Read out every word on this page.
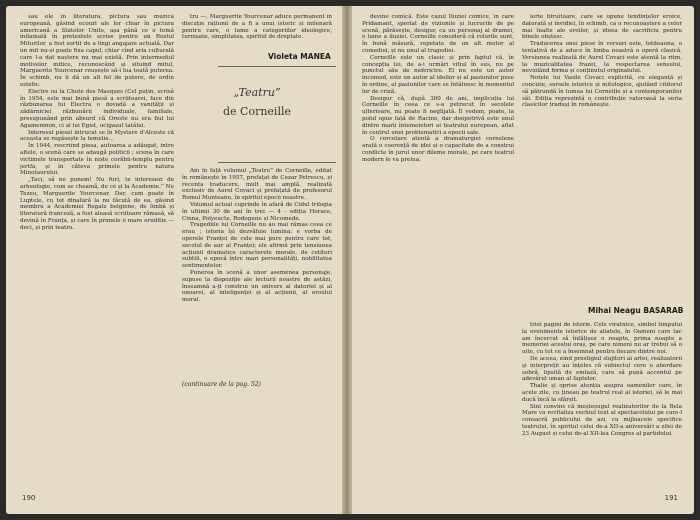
sau ele în literatura, pictura sau muzica europeană, găsind ecouri ale lor chiar în pictura americană a Statelor Unite, așa până ce o temă inflamată în pretextele scrise pentru un Rostul Miturilor, a fost sortit de a lingi angajare actuală. Dar un mit nu-și poate fixa capul, chiar cînd aria culturală care l-a dat naștere nu mai există. Prin intermediul motivelor mitice, recunoscând și situind mitul, Marguerite Yourcenar reușește să-i lua toată puterea. În schimb, nu îi dă un alt fel de putere, de ordin estetic.

Electre ou la Chute des Masques (Cel puțin, scrisă în 1954, este mai bună piesă a scriitoarei, face din răzbunarea lui Electra o dovadă a vanității și zădărniciei răzbunării individuale, familiale, presupunând prin absurd că Oreste nu era fiul lui Agamemnon, ci al lui Egist, ucigașul tatălui.

Interesul piesei intrucat se în Mystere d'Alceste că aceasta se regăsește la temelie...

În 1944, rescriind piesa, autoarea a adăugat, intre altele, o scenă care se adaugă politicii ; scena în care victimele transportate în niște corăbii-templu pentru jertfa, și în câteva primele pentru natura Minotaurului.

„Taci, să ne punem! Nu furi, te interesezi de arheologie, cum se cheamă, de ce și la Academie.” Nu Tezeu, Marguerite Yourcenar. Dar, cum poate în Luptele, cu tot dinafară la nu făcută de ea, găsind membru a Academiei Regale belgiene, de limbă și literatură franceză, a fost aleasă scriitoare rămasă, să devină în Franța, și care în primele o mare eruditie — deci, și prin teatru.

tru —, Marguerite Yourcenar aduce permanent în discuție rațiunii de a fi a unui istoric și milenară pentru care, o lume a categoriilor ideologice, turnișate, simplitatea, spiritul de dreptate.

Violeta MANEA
„Teatru”
de Corneille

Am în față volumul „Teatru” de Corneille, editat în românește în 1957, prefațat de Cezar Petrescu, și recenta traducere, mult mai amplă, realizată exclusiv de Aurel Covaci și prefațată de profesorul Romul Munteanu, în spiritul epocii noastre.

Volumul actual cuprinde în afară de Cidul trilogia în ultimii 30 de ani în trei — 4 - ediția Horace, Cinna, Polyeucte, Rodogune și Nicomede.

Tragediile lui Corneille nu au mai rămas ceea ce erau ; istoria își dezvăluie lumina; e vorba de operele Franței de cele mai pure pentru care tot, secolul de aur al Franței; ele afirmă prin tensiunea acțiunii dramatice caracterele morale, de cetitori subtili, o epocă între mari personalități, nobilitatea sentimentelor.

Punerea în scenă a unor asemenea personaje, supuse la dispoziție ale lecturii noastre de astăzi, înseamnă a-ți construi un univers al datoriei și al onoarei, al inteligenței și al acțiunii, al eroului moral.

(continuare de la pag. 52)
190

devine comică. Este cazul Iluziei comice, în care Pridamant, speriat de viziunile și lucrurile de pe scenă, părăsește, desigur, ca un personaj al dramei, o lume a iluziei. Corneille consideră că rolurile sunt, în bună măsură, repetate de un alt motor al comediei, și nu unul al tragediei.

Corneille este un clasic și prin faptul că, în concepția lui, de a-i urmări vitiul în sus, nu pe punctul său de nefericire. El nu este un autor incomod, este un autor al ideilor și al pasiunilor puse în ordine, al pasiunilor care se întâlnesc în momentul lor de criză.

Desigur că, după 300 de ani, implicația lui Corneille în ceea ce s-a petrecut în secolele ulterioare, nu poate fi neglijată. Îl vedem, poate, la polul opus față de Racine, dar deopotrivă este unul dintre marii întemeietori ai teatrului european, aflat în centrul unei problematici a epocii sale.

O cercetare atentă a dramaturgiei cornelene arată o coerență de idei și o capacitate de a construi conflicte în jurul unor dileme morale, pe care teatrul modern le va prelua.

ierte biruitoare, care se opune tendințelor eroice, datorată și invidiei, în schimb, ca o recunoaștere a celor mai înalte ale eroilor, și ideea de sacrificiu pentru binele obștesc.

Traducerea unei piese în versuri este, totdeauna, o tentativă de a aduce în limba noastră o operă clasică. Versiunea realizată de Aurel Covaci este atentă la ritm, la muzicalitatea frazei, la respectarea sensului, neviolând forma și conținutul originalului.

Notele lui Vasile Covaci explicită, cu eleganță și concizie, sursele istorice și mitologice, ajutând cititorul să pătrundă în lumea lui Corneille și a contemporanilor săi. Ediția reprezintă o contribuție valoroasă la seria clasicilor traduși în românește.

Mihai Neagu BASARAB

triei pagini de istorie. Cele viratnice, simbol timpului la evenimente istorice de aliatele, în Oameni care tac am încercat să înfățișez o noapte, prima noapte a memoriei acestui oraș, pe care nimeni nu ar trebui să o uite, cu tot ce a însemnat pentru fiecare dintre noi.

De aceea, eind prestigiul slujitori ai artei, realizatorii și interpreții au înțeles că subiectul cere o abordare sobră, lipsită de emfază, care să pună accentul pe adevărul uman al faptelor.

Thalie și oprise atenția asupra oamenilor care, în acele zile, cu țineau pe teatrul real al istoriei, să le mai ducă încă la sfârșit.

Sini convins că meșteșugul realizatorilor de la Bela Mare va revitaliza vechiul text al spectacolului pe care-l consacră publicului de azi, cu mijloacele specifice teatrului, în spiritul celei de-a XII-a aniversări a zilei de 23 August și celui de-al XII-lea Congres al partidului.

191
